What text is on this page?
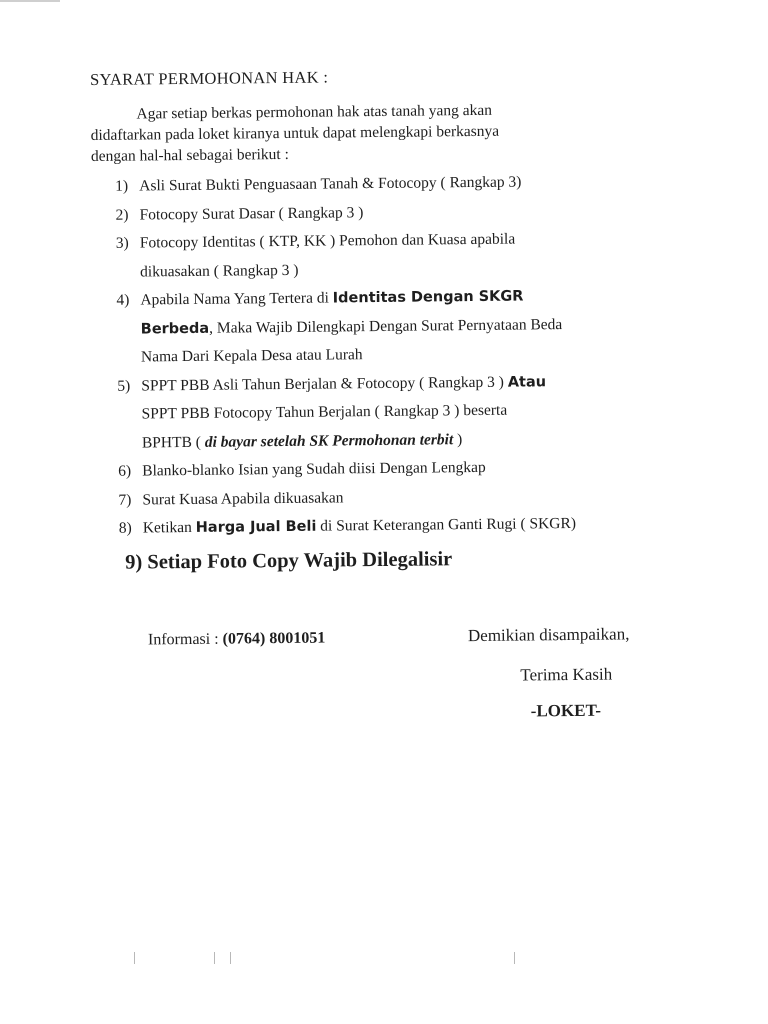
SYARAT PERMOHONAN HAK :

Agar setiap berkas permohonan hak atas tanah yang akan
didaftarkan pada loket kiranya untuk dapat melengkapi berkasnya
dengan hal-hal sebagai berikut :

1) Asli Surat Bukti Penguasaan Tanah & Fotocopy ( Rangkap 3)
2) Fotocopy Surat Dasar ( Rangkap 3 )
3) Fotocopy Identitas ( KTP, KK ) Pemohon dan Kuasa apabila
dikuasakan ( Rangkap 3 )
4) Apabila Nama Yang Tertera di Identitas Dengan SKGR
Berbeda, Maka Wajib Dilengkapi Dengan Surat Pernyataan Beda
Nama Dari Kepala Desa atau Lurah
5) SPPT PBB Asli Tahun Berjalan & Fotocopy ( Rangkap 3 ) Atau
SPPT PBB Fotocopy Tahun Berjalan ( Rangkap 3 ) beserta
BPHTB ( di bayar setelah SK Permohonan terbit )
6) Blanko-blanko Isian yang Sudah diisi Dengan Lengkap
7) Surat Kuasa Apabila dikuasakan
8) Ketikan Harga Jual Beli di Surat Keterangan Ganti Rugi ( SKGR)
9) Setiap Foto Copy Wajib Dilegalisir
Informasi : (0764) 8001051	Demikian disampaikan,
Terima Kasih
-LOKET-
